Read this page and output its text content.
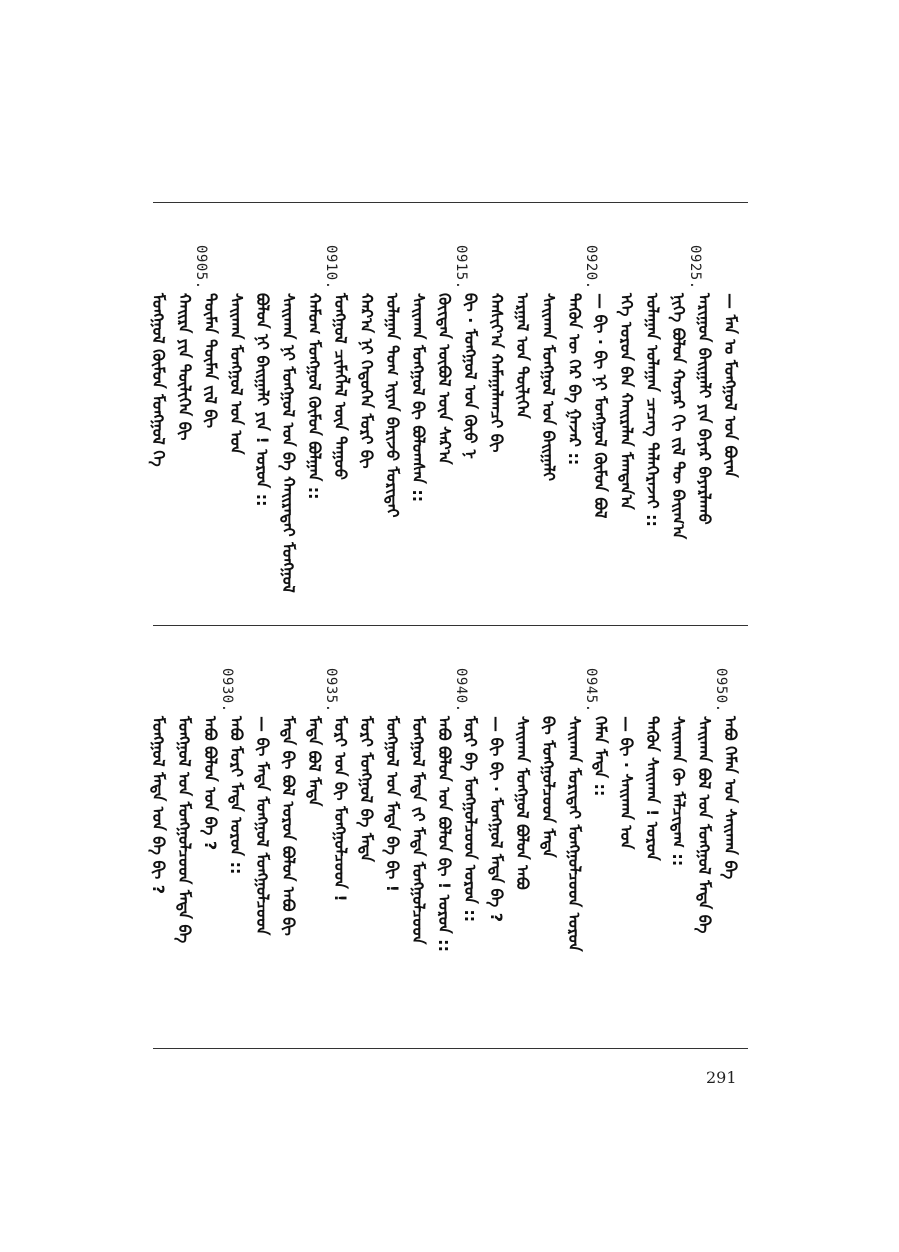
— ᠮᠠᠨ ᠤ ᠮᠣᠩᠭᠣᠯ ᠤᠨ ᠪᠣᠶ᠋ᠠᠨ
0925.
ᠠᠷᠢᠭᠤᠨ ᠪᠠᠢᠭ᠋ᠠᠯᠢ ᠶᠢᠨ ᠪᠠᠶᠠᠷ ᠪᠠᠶᠠᠷᠯᠠᠬᠤ
ᠨᠢᠭᠡ ᠪᠣᠯᠤᠨ ᠬᠣᠶᠠᠷ ᠬᠢ ᠵᠢᠯ ᠲᠦ ᠪᠠᠢᠭ᠎ᠠ
ᠤᠯᠠᠭᠠᠨ ᠤᠯᠠᠭᠠᠨ ᠴᠡᠴᠡᠭ ᠳᠡᠯᠡᠭᠡᠷᠡᠵᠡᠢ ::
ᠡᠬᠡ ᠣᠷᠣᠨ ᠪᠡᠨ ᠬᠠᠢᠷᠠᠯᠠᠨ ᠮᠠᠭᠲᠠᠨ᠎ᠠ
0920.
— ᠪᠢ · ᠪᠢ ᠨᠢ ᠮᠣᠩᠭᠣᠯ ᠬᠦᠮᠦᠨ ᠪᠣᠯ
ᠲᠡᠭᠦᠨ ᠦ ᠭᠡᠷ ᠪᠠ ᠭᠠᠵᠠᠷ ::
ᠰᠠᠢᠬᠠᠨ ᠮᠣᠩᠭᠣᠯ ᠤᠨ ᠪᠠᠢᠭ᠋ᠠᠯᠢ
ᠠᠷᠭᠠᠯ ᠤᠨ ᠲᠦᠯᠢᠭᠡᠨ
ᠬᠠᠰᠢᠶ᠎ᠠ ᠬᠠᠮᠠᠭᠠᠯᠠᠭᠴᠢ ᠪᠢ
0915.
ᠪᠢ · ᠮᠣᠩᠭᠣᠯ ᠤᠨ ᠬᠦᠦ ᠨ
ᠬᠦᠢᠲᠡᠨ ᠦᠪᠦᠯ ᠦᠨ ᠰᠠᠷ᠎ᠠ
ᠰᠠᠢᠬᠠᠨ ᠮᠣᠩᠭᠣᠯ ᠪᠢ ᠪᠣᠯᠤᠭᠰᠠᠨ ::
ᠤᠯᠠᠭᠠᠨ ᠲᠤᠭ ᠢᠶᠠᠨ ᠪᠠᠷᠢᠵᠤ ᠮᠣᠷᠢᠲᠠᠢ
ᠬᠠᠷ᠎ᠠ ᠨᠢ ᠬᠡᠳᠦᠭᠡᠨ ᠮᠣᠷᠢ ᠪᠢ
0910.
ᠮᠣᠩᠭᠣᠯ ᠴᠢᠮᠡᠭᠯᠡᠯ ᠦᠨ ᠳᠠᠭᠤᠤ
ᠬᠠᠮᠤᠭ ᠮᠣᠩᠭᠣᠯ ᠬᠦᠮᠦᠨ ᠪᠣᠯᠭᠠᠨ ::
ᠰᠠᠢᠬᠠᠨ ᠨᠢ ᠮᠣᠩᠭᠣᠯ ᠤᠨ ᠪᠠ ᠬᠠᠢᠷᠠᠲᠠᠢ ᠮᠣᠩᠭᠣᠯ
ᠪᠣᠯᠤᠨ ᠨᠢ ᠪᠠᠢᠭ᠋ᠠᠯᠢ ᠶᠢᠨ ! ᠣᠷᠣᠨ ::
ᠰᠠᠢᠬᠠᠨ ᠮᠣᠩᠭᠣᠯ ᠤᠨ ᠤᠨ
0905.
ᠲᠦᠮᠡᠨ ᠲᠦᠮᠡᠨ ᠵᠢᠯ ᠪᠢ
ᠬᠠᠢᠷᠠ ᠶᠢᠨ ᠲᠦᠯᠢᠭᠡᠨ ᠪᠢ
ᠮᠣᠩᠭᠣᠯ ᠬᠦᠮᠦᠨ ᠮᠣᠩᠭᠣᠯ ᠬᠡ
0950.
ᠠᠪᠤ ᠬᠡᠮᠡᠨ ᠤᠨ ᠰᠠᠢᠬᠠᠨ ᠪᠠ
ᠰᠠᠢᠬᠠᠨ ᠪᠣᠯ ᠤᠨ ᠮᠣᠩᠭᠣᠯ ᠮᠡᠳᠡ ᠪᠠ
ᠰᠠᠢᠬᠠᠨ ᠬᠦ ᠮᠠᠯᠴᠢᠳᠠᠭ ::
ᠲᠡᠭᠦᠨ ᠰᠠᠢᠬᠠᠨ ! ᠣᠷᠣᠨ
— ᠪᠢ · ᠰᠠᠢᠬᠠᠨ ᠤᠨ
0945.
ᠬᠡᠮᠡᠨ ᠮᠡᠳᠡ ::
ᠰᠠᠢᠬᠠᠨ ᠮᠣᠷᠢᠲᠠᠢ ᠮᠣᠩᠭᠣᠯᠴᠤᠳ ᠣᠷᠣᠨ
ᠪᠢ ᠮᠣᠩᠭᠣᠯᠴᠤᠳ ᠮᠡᠳᠡ
ᠰᠠᠢᠬᠠᠨ ᠮᠣᠩᠭᠣᠯ ᠪᠣᠯᠤᠨ ᠠᠪᠤ
— ᠪᠢ ᠪᠢ · ᠮᠣᠩᠭᠣᠯ ᠮᠡᠳᠡ ᠪᠠ ?
0940.
ᠮᠣᠷᠢ ᠪᠠ ᠮᠣᠩᠭᠣᠯᠴᠤᠳ ᠣᠷᠣᠨ ::
ᠠᠪᠤ ᠪᠣᠯᠤᠨ ᠤᠨ ᠪᠣᠯᠤᠨ ᠪᠢ ! ᠣᠷᠣᠨ ::
ᠮᠣᠩᠭᠣᠯ ᠮᠡᠳᠡ ᠵᠢ ᠮᠡᠳᠡ ᠮᠣᠩᠭᠣᠯᠴᠤᠳ
ᠮᠣᠩᠭᠣᠯ ᠤᠨ ᠮᠡᠳᠡ ᠪᠠ ᠪᠢ !
ᠮᠣᠷᠢ ᠮᠣᠩᠭᠣᠯ ᠪᠠ ᠮᠡᠳᠡ
0935.
ᠮᠣᠷᠢ ᠤᠨ ᠪᠢ ᠮᠣᠩᠭᠣᠯᠴᠤᠳ !
ᠮᠡᠳᠡ ᠪᠣᠯ ᠮᠡᠳᠡ
ᠮᠡᠳᠡ ᠪᠢ ᠪᠣᠯ ᠣᠷᠣᠨ ᠪᠣᠯᠤᠨ ᠠᠪᠤ ᠪᠢ
— ᠪᠢ ᠮᠡᠳᠡ ᠮᠣᠩᠭᠣᠯ ᠮᠣᠩᠭᠣᠯᠴᠤᠳ
0930.
ᠠᠪᠤ ᠮᠣᠷᠢ ᠮᠡᠳᠡ ᠣᠷᠣᠨ ::
ᠠᠪᠤ ᠪᠣᠯᠤᠨ ᠤᠨ ᠪᠠ ?
ᠮᠣᠩᠭᠣᠯ ᠤᠨ ᠮᠣᠩᠭᠣᠯᠴᠤᠳ ᠮᠡᠳᠡ ᠪᠠ
ᠮᠣᠩᠭᠣᠯ ᠮᠡᠳᠡ ᠤᠨ ᠪᠠ ᠪᠢ ?
291
